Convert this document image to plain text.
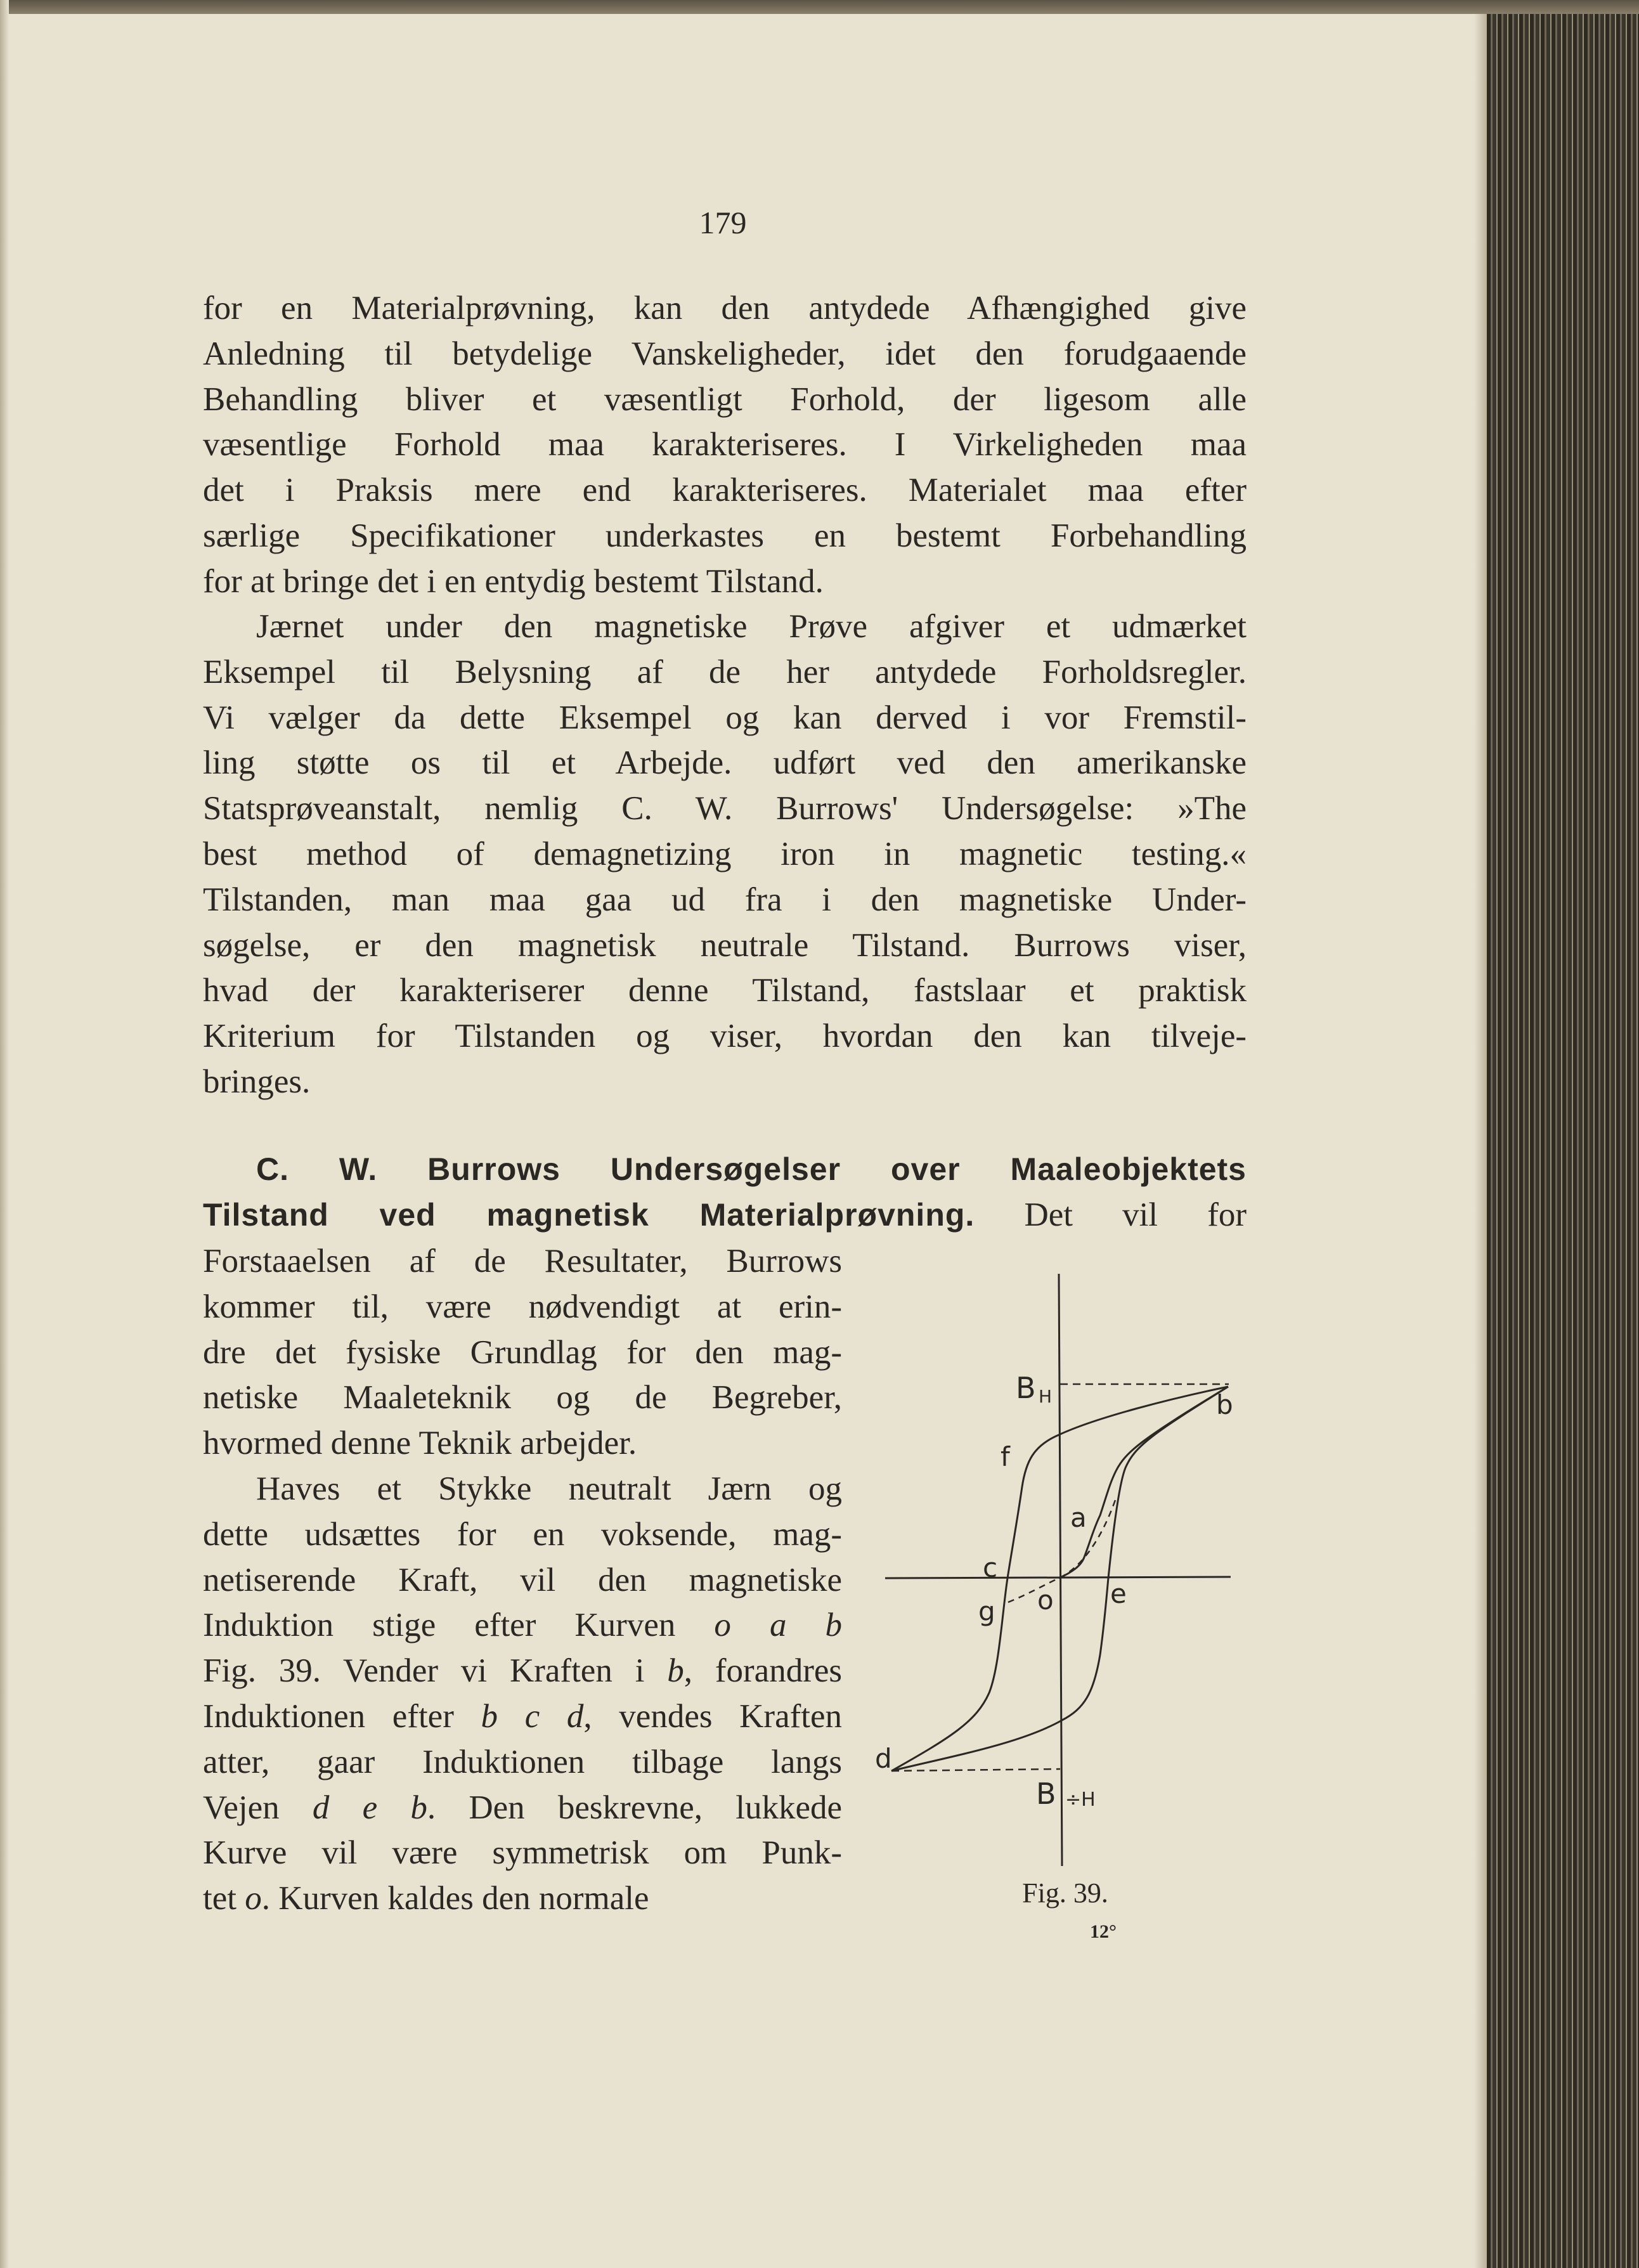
179
for en Materialprøvning, kan den antydede Afhængighed give
Anledning til betydelige Vanskeligheder, idet den forudgaaende
Behandling bliver et væsentligt Forhold, der ligesom alle
væsentlige Forhold maa karakteriseres. I Virkeligheden maa
det i Praksis mere end karakteriseres. Materialet maa efter
særlige Specifikationer underkastes en bestemt Forbehandling
for at bringe det i en entydig bestemt Tilstand.
Jærnet under den magnetiske Prøve afgiver et udmærket
Eksempel til Belysning af de her antydede Forholdsregler.
Vi vælger da dette Eksempel og kan derved i vor Fremstil-
ling støtte os til et Arbejde. udført ved den amerikanske
Statsprøveanstalt, nemlig C. W. Burrows' Undersøgelse: »The
best method of demagnetizing iron in magnetic testing.«
Tilstanden, man maa gaa ud fra i den magnetiske Under-
søgelse, er den magnetisk neutrale Tilstand. Burrows viser,
hvad der karakteriserer denne Tilstand, fastslaar et praktisk
Kriterium for Tilstanden og viser, hvordan den kan tilveje-
bringes.
Forstaaelsen af de Resultater, Burrows
kommer til, være nødvendigt at erin-
dre det fysiske Grundlag for den mag-
netiske Maaleteknik og de Begreber,
hvormed denne Teknik arbejder.
Haves et Stykke neutralt Jærn og
dette udsættes for en voksende, mag-
netiserende Kraft, vil den magnetiske
Induktion stige efter Kurven o a b
Fig. 39. Vender vi Kraften i b, forandres
Induktionen efter b c d, vendes Kraften
atter, gaar Induktionen tilbage langs
Vejen d e b. Den beskrevne, lukkede
Kurve vil være symmetrisk om Punk-
tet o. Kurven kaldes den normale
C. W. Burrows Undersøgelser over Maaleobjektets
Tilstand ved magnetisk Materialprøvning. Det vil for
B H	b
f
a
c
g o e
d
B ÷H
Fig. 39.
12°
